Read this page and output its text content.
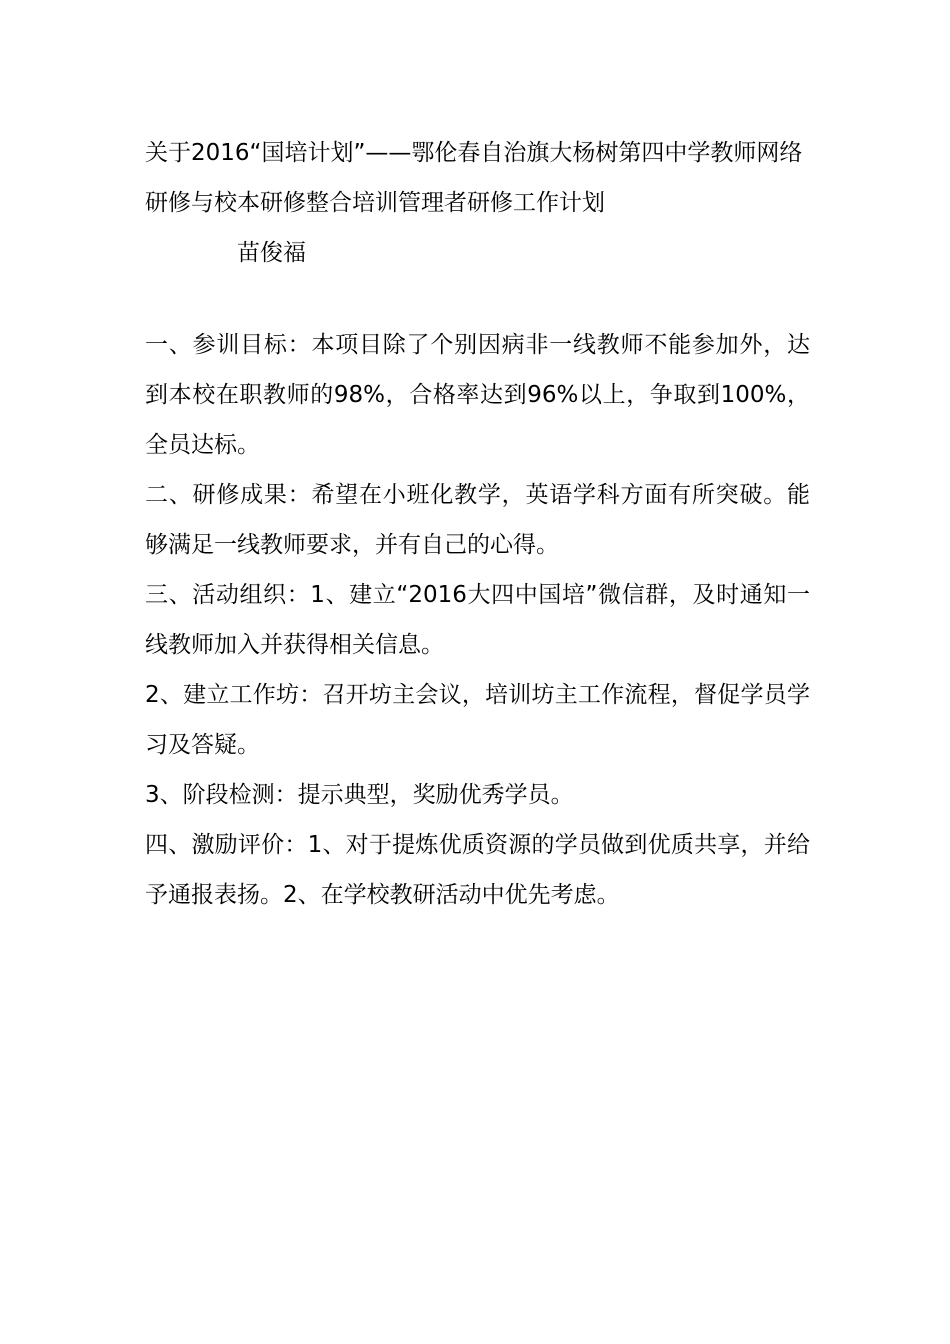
关于2016“国培计划”——鄂伦春自治旗大杨树第四中学教师网络研修与校本研修整合培训管理者研修工作计划

苗俊福

一、参训目标：本项目除了个别因病非一线教师不能参加外，达到本校在职教师的98%，合格率达到96%以上，争取到100%，全员达标。

二、研修成果：希望在小班化教学，英语学科方面有所突破。能够满足一线教师要求，并有自己的心得。

三、活动组织：1、建立“2016大四中国培”微信群，及时通知一线教师加入并获得相关信息。

2、建立工作坊：召开坊主会议，培训坊主工作流程，督促学员学习及答疑。

3、阶段检测：提示典型，奖励优秀学员。

四、激励评价：1、对于提炼优质资源的学员做到优质共享，并给予通报表扬。2、在学校教研活动中优先考虑。
